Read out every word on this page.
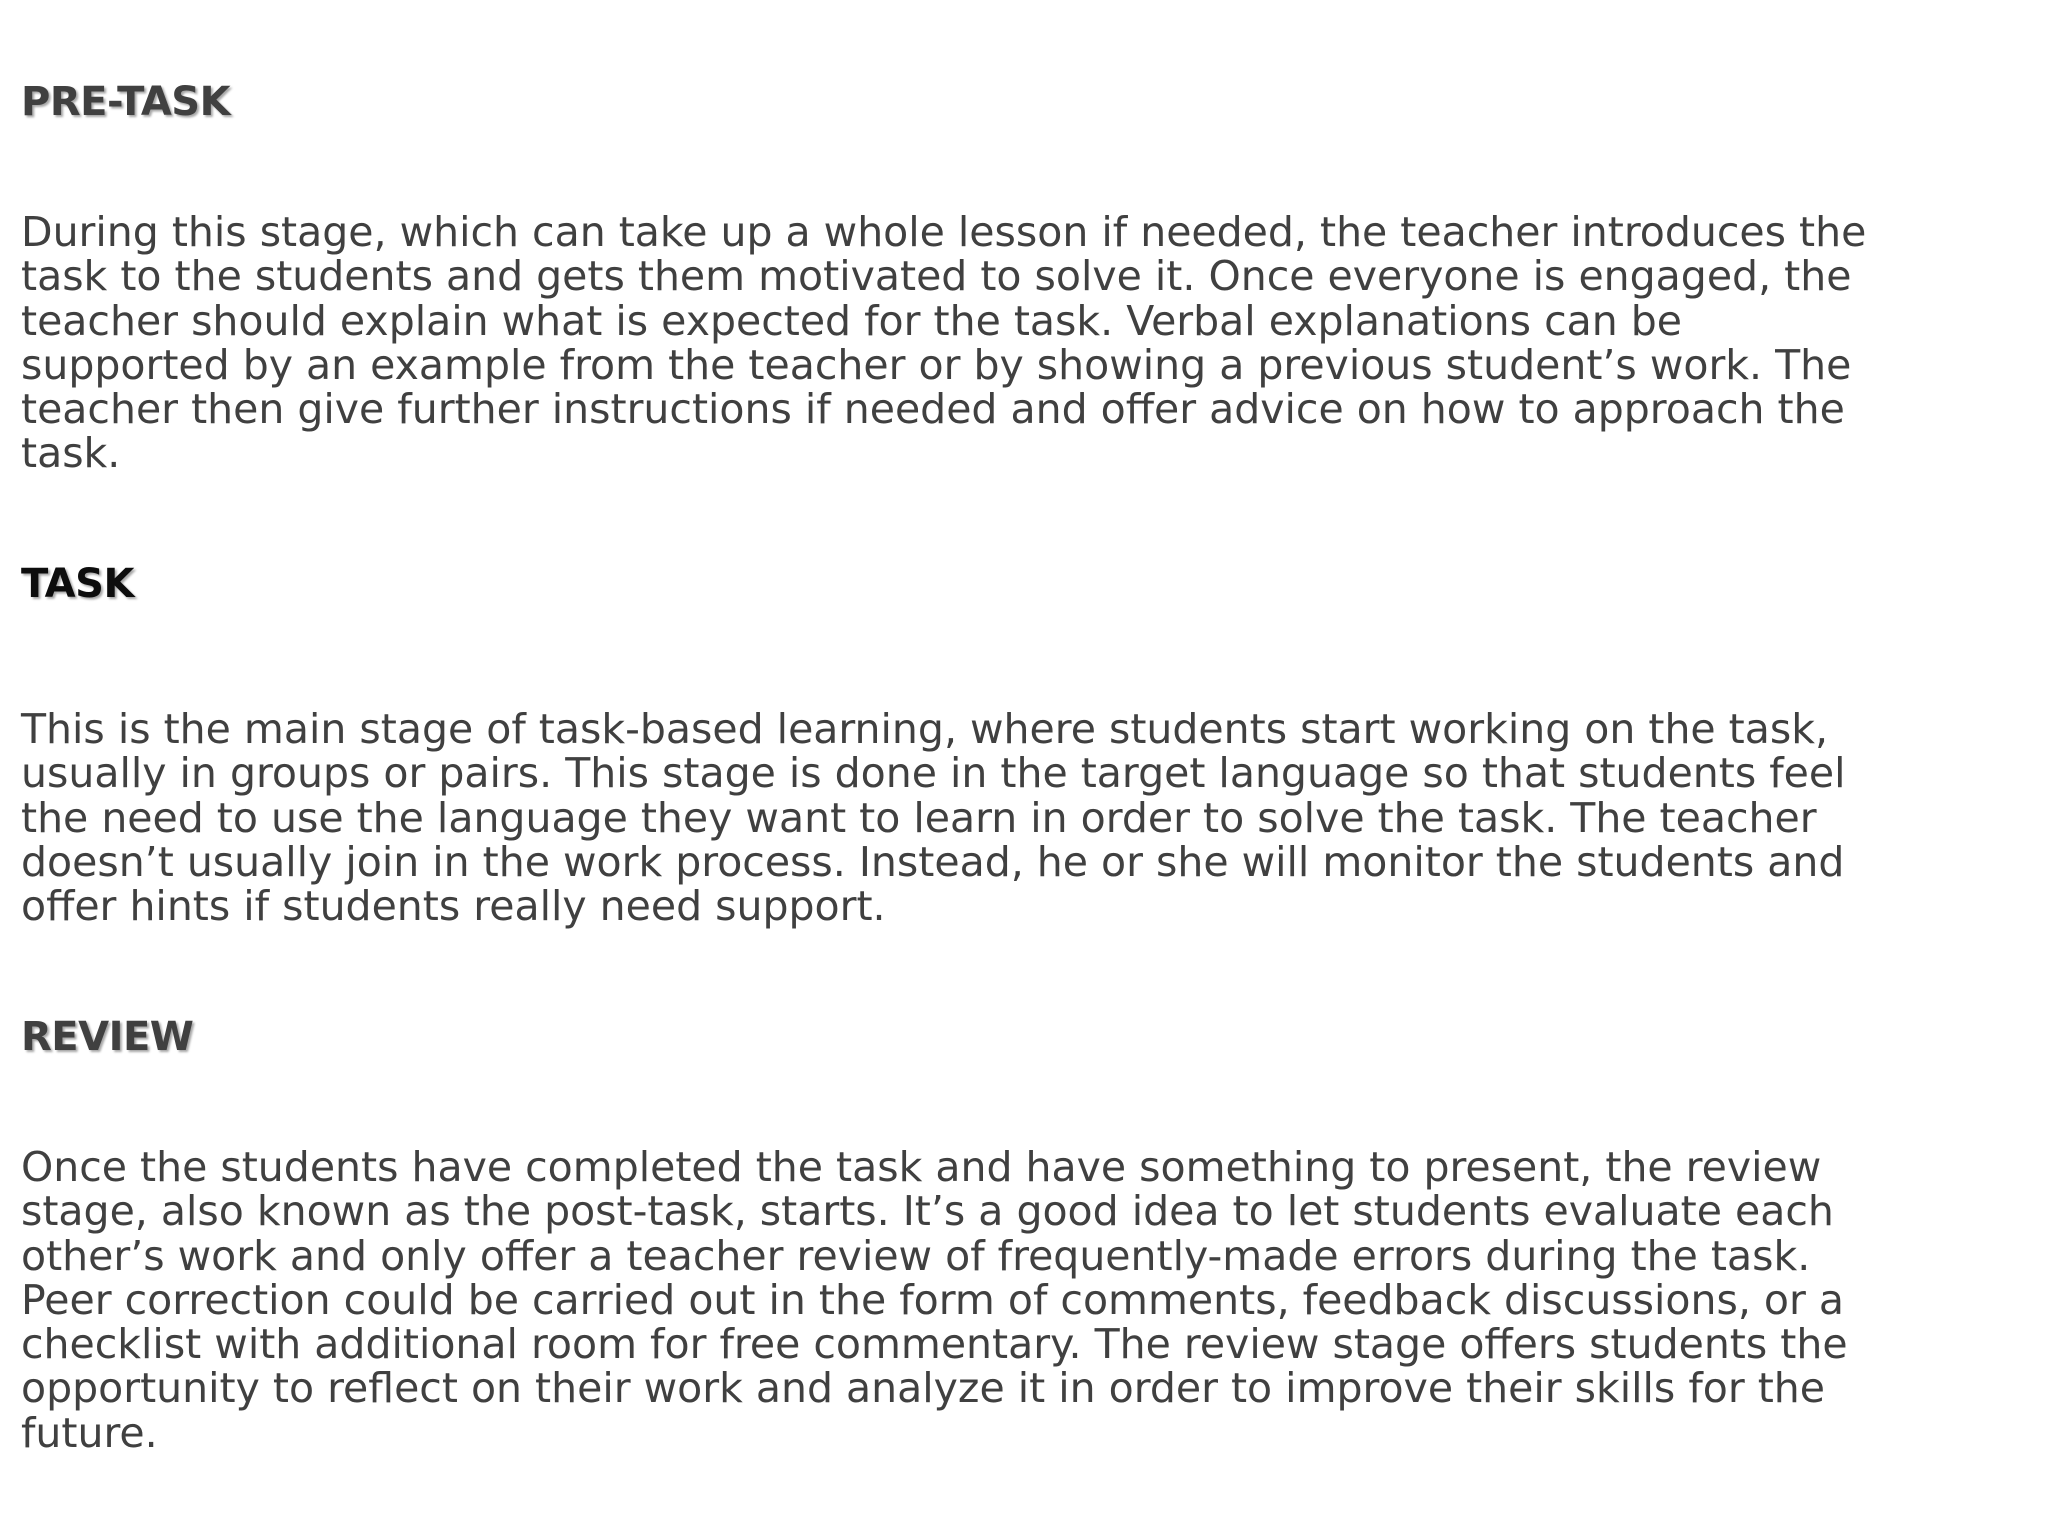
PRE-TASK

During this stage, which can take up a whole lesson if needed, the teacher introduces the
task to the students and gets them motivated to solve it. Once everyone is engaged, the
teacher should explain what is expected for the task. Verbal explanations can be
supported by an example from the teacher or by showing a previous student’s work. The
teacher then give further instructions if needed and offer advice on how to approach the
task.

TASK

This is the main stage of task-based learning, where students start working on the task,
usually in groups or pairs. This stage is done in the target language so that students feel
the need to use the language they want to learn in order to solve the task. The teacher
doesn’t usually join in the work process. Instead, he or she will monitor the students and
offer hints if students really need support.

REVIEW

Once the students have completed the task and have something to present, the review
stage, also known as the post-task, starts. It’s a good idea to let students evaluate each
other’s work and only offer a teacher review of frequently-made errors during the task.
Peer correction could be carried out in the form of comments, feedback discussions, or a
checklist with additional room for free commentary. The review stage offers students the
opportunity to reflect on their work and analyze it in order to improve their skills for the
future.
